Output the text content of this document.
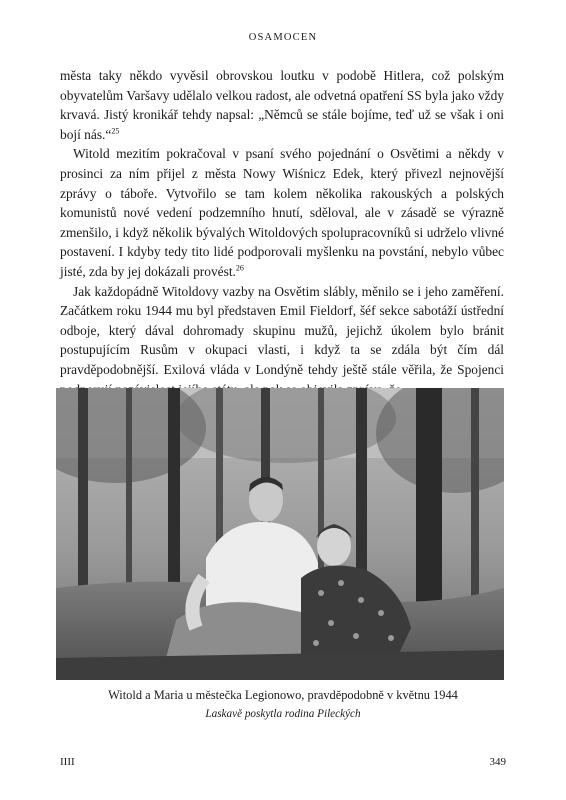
OSAMOCEN

města taky někdo vyvěsil obrovskou loutku v podobě Hitlera, což polským obyvatelům Varšavy udělalo velkou radost, ale odvetná opatření SS byla jako vždy krvavá. Jistý kronikář tehdy napsal: „Němců se stále bojíme, teď už se však i oni bojí nás.“$^{25}$

Witold mezitím pokračoval v psaní svého pojednání o Osvětimi a někdy v prosinci za ním přijel z města Nowy Wiśnicz Edek, který přivezl nejnovější zprávy o táboře. Vytvořilo se tam kolem několika rakouských a polských komunistů nové vedení podzemního hnutí, sděloval, ale v zásadě se výrazně zmenšilo, i když několik bývalých Witoldových spolupracovníků si udrželo vlivné postavení. I kdyby tedy tito lidé podporovali myšlenku na povstání, nebylo vůbec jisté, zda by jej dokázali provést.$^{26}$

Jak každopádně Witoldovy vazby na Osvětim slábly, měnilo se i jeho zaměření. Začátkem roku 1944 mu byl představen Emil Fieldorf, šéf sekce sabotáží ústřední odboje, který dával dohromady skupinu mužů, jejichž úkolem bylo bránit postupujícím Rusům v okupaci vlasti, i když ta se zdála být čím dál pravděpodobnější. Exilová vláda v Londýně tehdy ještě stále věřila, že Spojenci

Witold a Maria u městečka Legionowo, pravděpodobně v květnu 1944
Laskavě poskytla rodina Pileckých
IIII	349
